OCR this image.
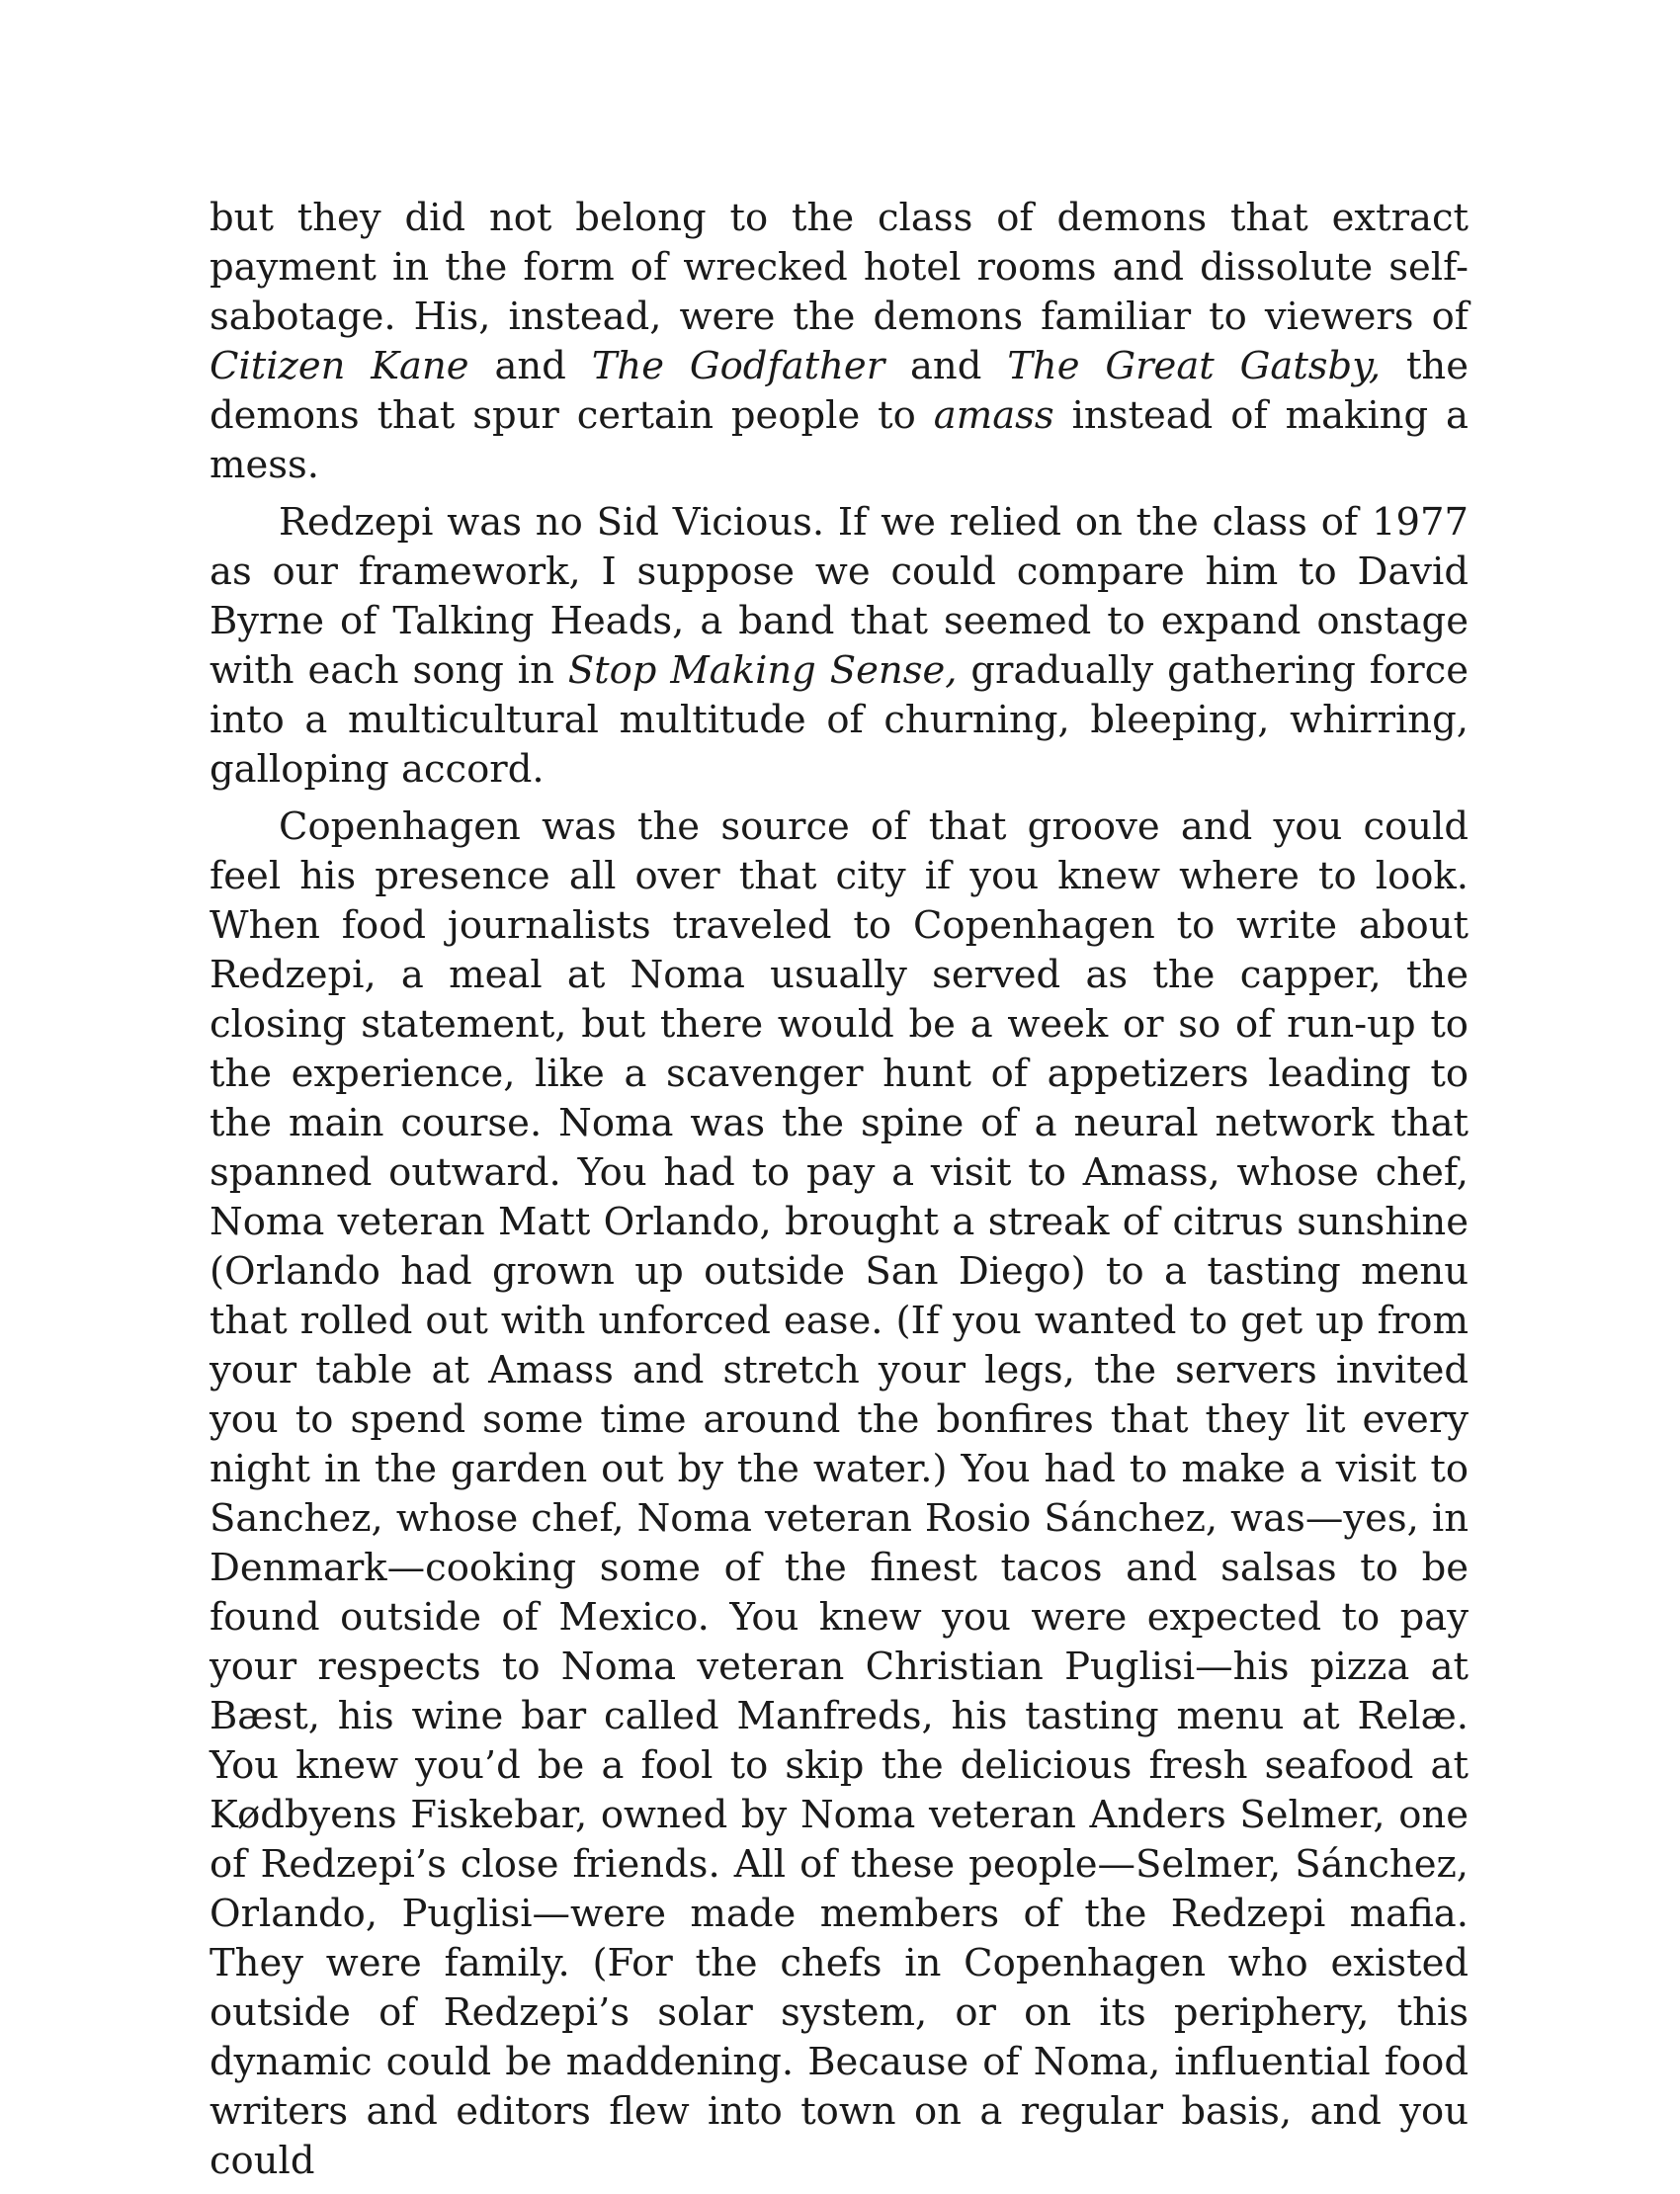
but they did not belong to the class of demons that extract payment in the form of wrecked hotel rooms and dissolute self-sabotage. His, instead, were the demons familiar to viewers of Citizen Kane and The Godfather and The Great Gatsby, the demons that spur certain people to amass instead of making a mess.

Redzepi was no Sid Vicious. If we relied on the class of 1977 as our framework, I suppose we could compare him to David Byrne of Talking Heads, a band that seemed to expand onstage with each song in Stop Making Sense, gradually gathering force into a multicultural multitude of churning, bleeping, whirring, galloping accord.

Copenhagen was the source of that groove and you could feel his presence all over that city if you knew where to look. When food journalists traveled to Copenhagen to write about Redzepi, a meal at Noma usually served as the capper, the closing statement, but there would be a week or so of run-up to the experience, like a scavenger hunt of appetizers leading to the main course. Noma was the spine of a neural network that spanned outward. You had to pay a visit to Amass, whose chef, Noma veteran Matt Orlando, brought a streak of citrus sunshine (Orlando had grown up outside San Diego) to a tasting menu that rolled out with unforced ease. (If you wanted to get up from your table at Amass and stretch your legs, the servers invited you to spend some time around the bonfires that they lit every night in the garden out by the water.) You had to make a visit to Sanchez, whose chef, Noma veteran Rosio Sánchez, was—yes, in Denmark—cooking some of the finest tacos and salsas to be found outside of Mexico. You knew you were expected to pay your respects to Noma veteran Christian Puglisi—his pizza at Bæst, his wine bar called Manfreds, his tasting menu at Relæ. You knew you’d be a fool to skip the delicious fresh seafood at Kødbyens Fiskebar, owned by Noma veteran Anders Selmer, one of Redzepi’s close friends. All of these people—Selmer, Sánchez, Orlando, Puglisi—were made members of the Redzepi mafia. They were family. (For the chefs in Copenhagen who existed outside of Redzepi’s solar system, or on its periphery, this dynamic could be maddening. Because of Noma, influential food writers and editors flew into town on a regular basis, and you could
